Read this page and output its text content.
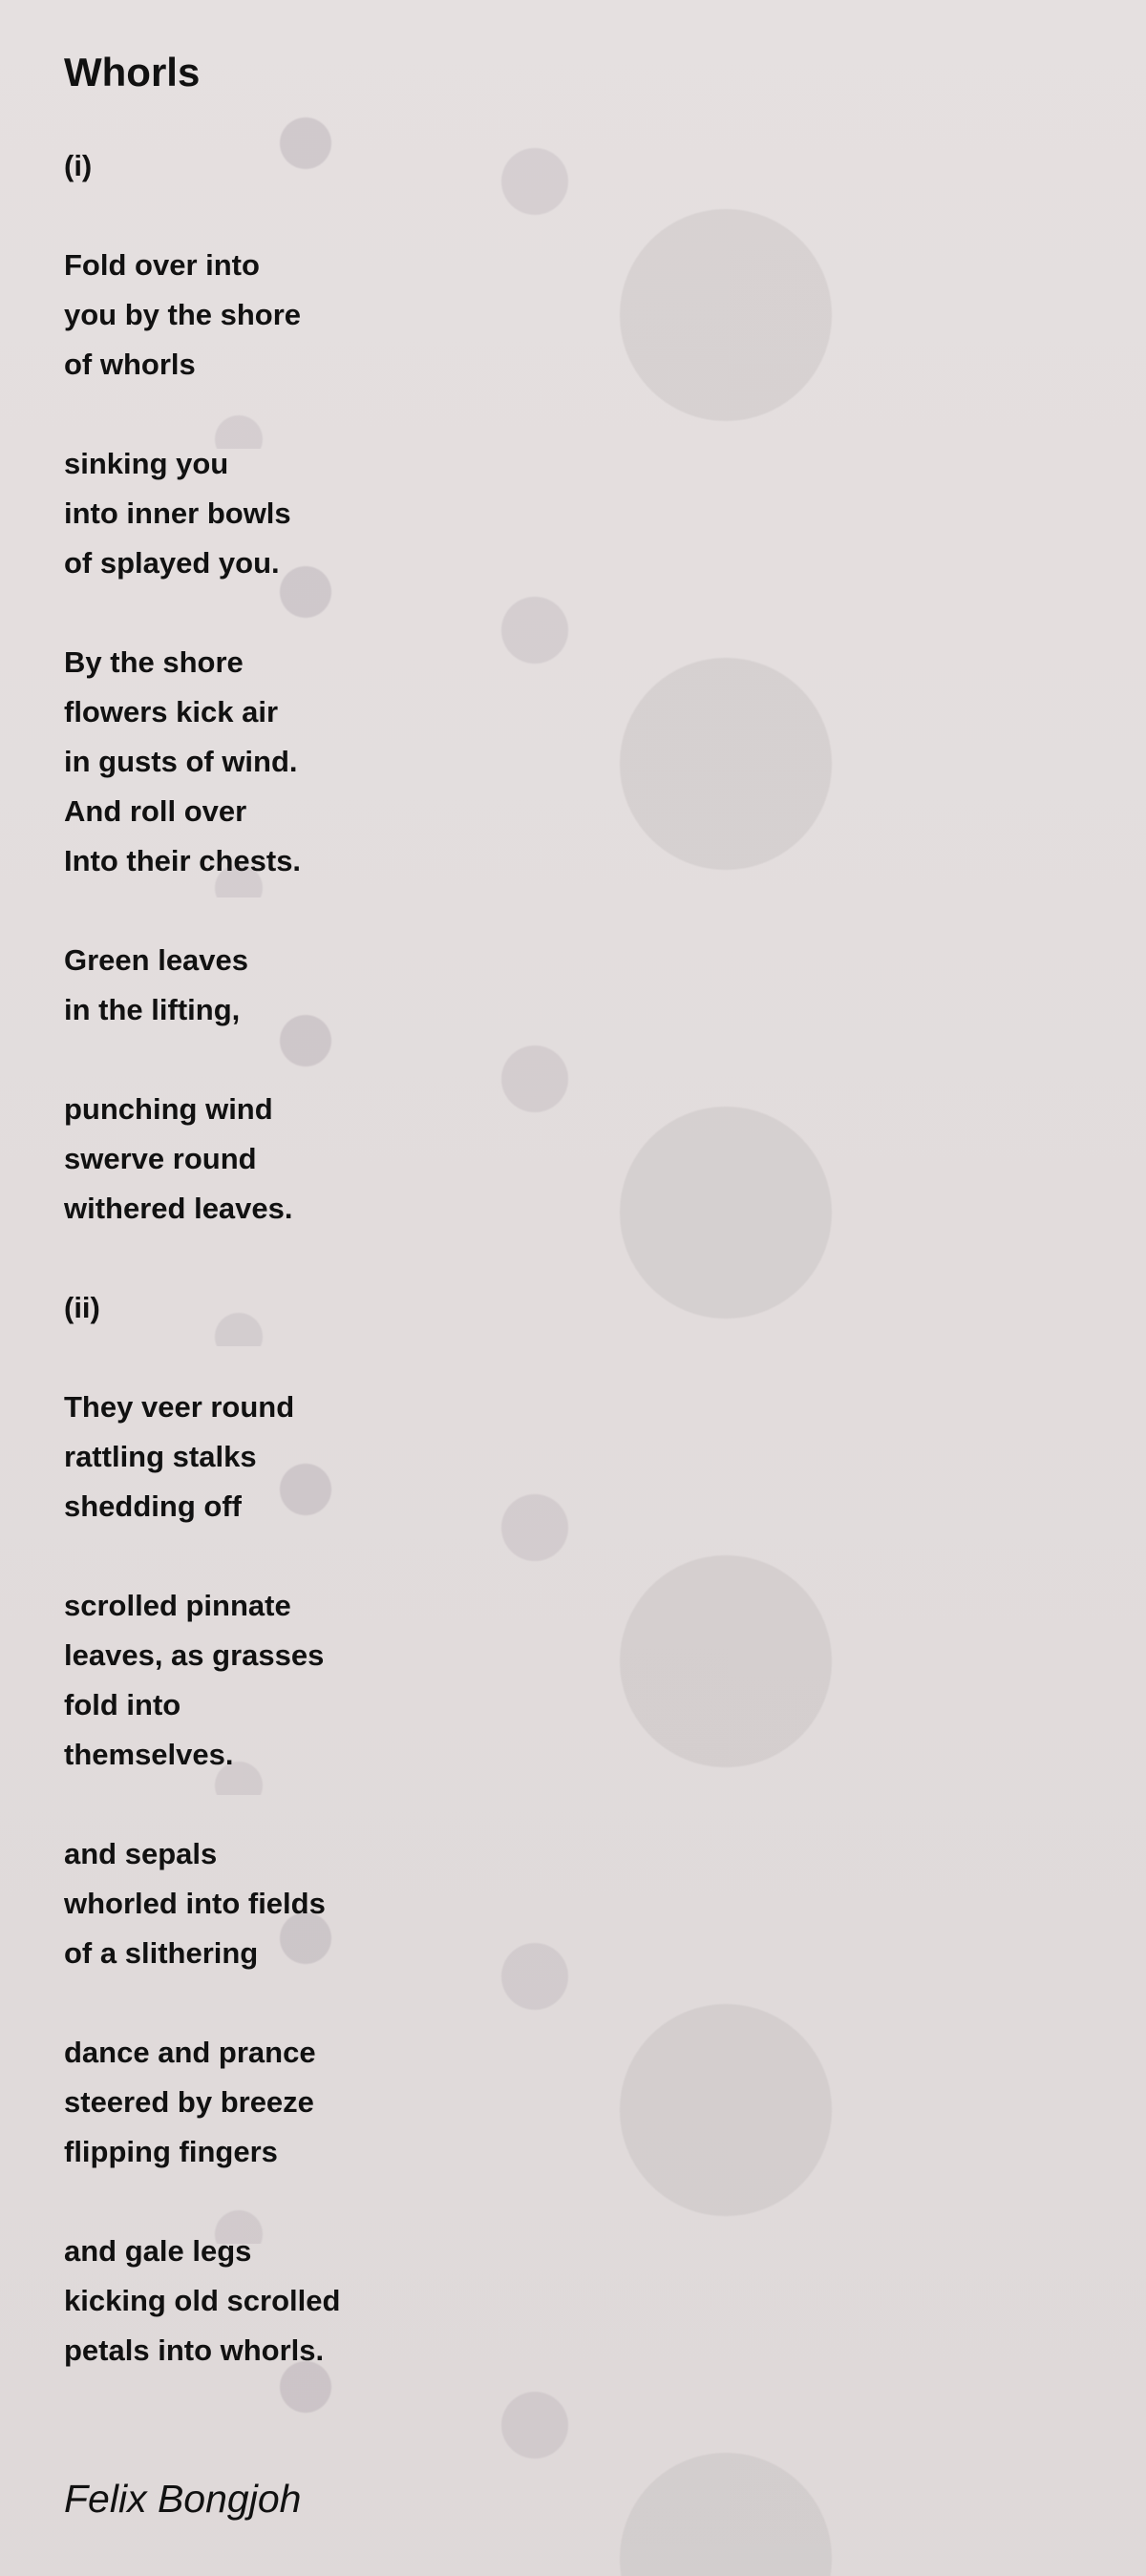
Whorls
(i)
Fold over into
you by the shore
of whorls
sinking you
into inner bowls
of splayed you.
By the shore
flowers kick air
in gusts of wind.
And roll over
Into their chests.
Green leaves
in the lifting,
punching wind
swerve round
withered leaves.
(ii)
They veer round
rattling stalks
shedding off
scrolled pinnate
leaves, as grasses
fold into
themselves.
and sepals
whorled into fields
of a slithering
dance and prance
steered by breeze
flipping fingers
and gale legs
kicking old scrolled
petals into whorls.

Felix Bongjoh
